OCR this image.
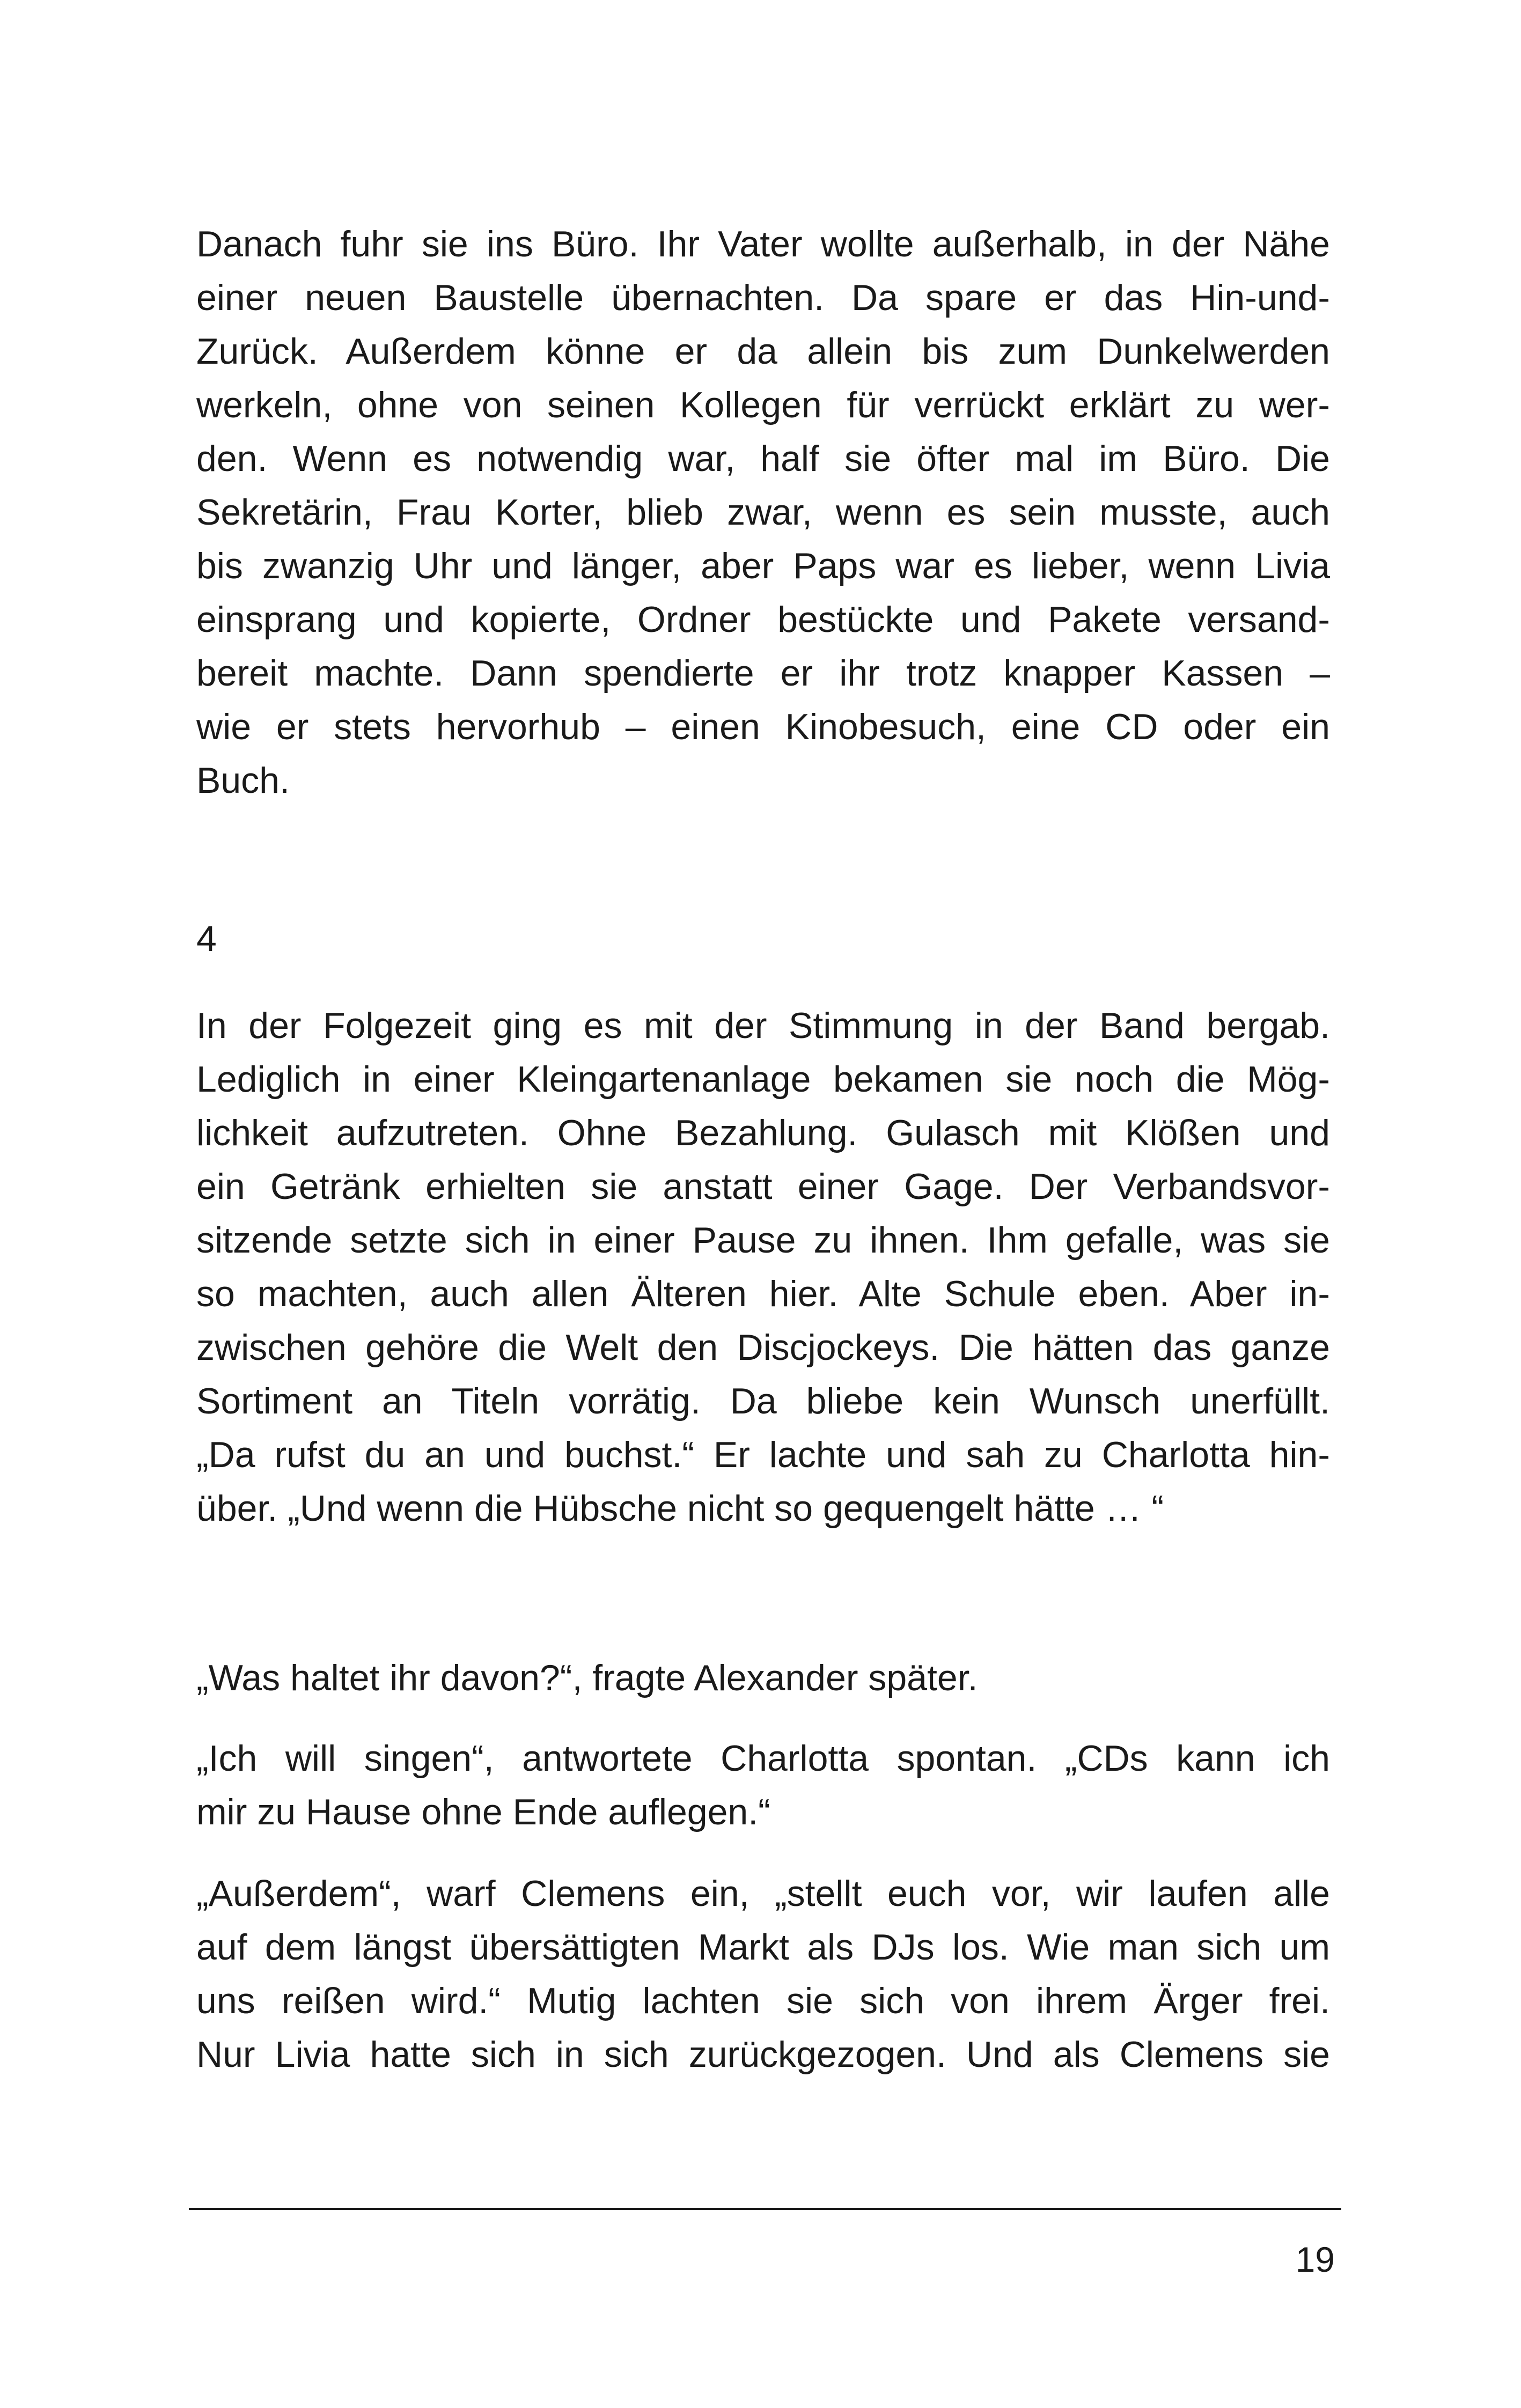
Danach fuhr sie ins Büro. Ihr Vater wollte außerhalb, in der Nähe
einer neuen Baustelle übernachten. Da spare er das Hin-und-
Zurück. Außerdem könne er da allein bis zum Dunkelwerden
werkeln, ohne von seinen Kollegen für verrückt erklärt zu wer-
den. Wenn es notwendig war, half sie öfter mal im Büro. Die
Sekretärin, Frau Korter, blieb zwar, wenn es sein musste, auch
bis zwanzig Uhr und länger, aber Paps war es lieber, wenn Livia
einsprang und kopierte, Ordner bestückte und Pakete versand-
bereit machte. Dann spendierte er ihr trotz knapper Kassen –
wie er stets hervorhub – einen Kinobesuch, eine CD oder ein
Buch.
4
In der Folgezeit ging es mit der Stimmung in der Band bergab.
Lediglich in einer Kleingartenanlage bekamen sie noch die Mög-
lichkeit aufzutreten. Ohne Bezahlung. Gulasch mit Klößen und
ein Getränk erhielten sie anstatt einer Gage. Der Verbandsvor-
sitzende setzte sich in einer Pause zu ihnen. Ihm gefalle, was sie
so machten, auch allen Älteren hier. Alte Schule eben. Aber in-
zwischen gehöre die Welt den Discjockeys. Die hätten das ganze
Sortiment an Titeln vorrätig. Da bliebe kein Wunsch unerfüllt.
„Da rufst du an und buchst.“ Er lachte und sah zu Charlotta hin-
über. „Und wenn die Hübsche nicht so gequengelt hätte … “
„Was haltet ihr davon?“, fragte Alexander später.
„Ich will singen“, antwortete Charlotta spontan. „CDs kann ich
mir zu Hause ohne Ende auflegen.“
„Außerdem“, warf Clemens ein, „stellt euch vor, wir laufen alle
auf dem längst übersättigten Markt als DJs los. Wie man sich um
uns reißen wird.“ Mutig lachten sie sich von ihrem Ärger frei.
Nur Livia hatte sich in sich zurückgezogen. Und als Clemens sie
19
